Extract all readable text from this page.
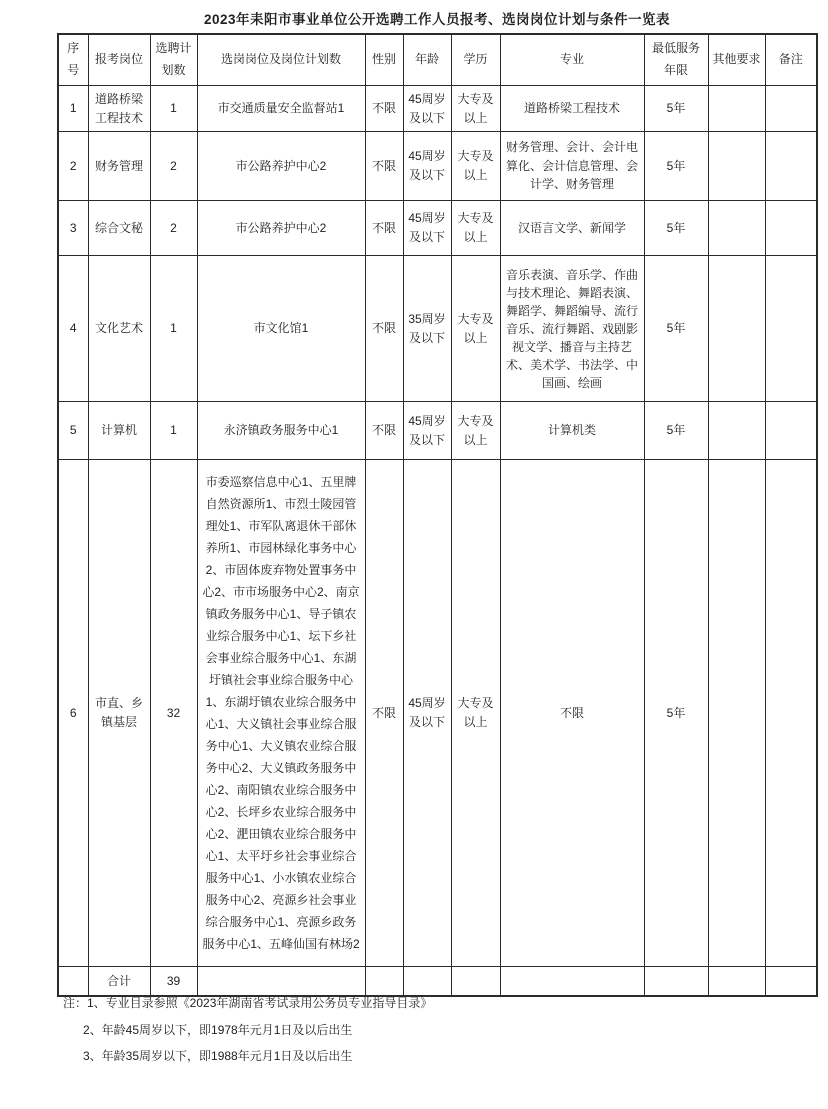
2023年耒阳市事业单位公开选聘工作人员报考、选岗岗位计划与条件一览表
序号	报考岗位	选聘计划数	选岗岗位及岗位计划数	性别	年龄	学历	专业	最低服务年限	其他要求	备注
1	道路桥梁工程技术	1	市交通质量安全监督站1	不限	45周岁及以下	大专及以上	道路桥梁工程技术	5年		
2	财务管理	2	市公路养护中心2	不限	45周岁及以下	大专及以上	财务管理、会计、会计电算化、会计信息管理、会计学、财务管理	5年		
3	综合文秘	2	市公路养护中心2	不限	45周岁及以下	大专及以上	汉语言文学、新闻学	5年		
4	文化艺术	1	市文化馆1	不限	35周岁及以下	大专及以上	音乐表演、音乐学、作曲与技术理论、舞蹈表演、舞蹈学、舞蹈编导、流行音乐、流行舞蹈、戏剧影视文学、播音与主持艺术、美术学、书法学、中国画、绘画	5年		
5	计算机	1	永济镇政务服务中心1	不限	45周岁及以下	大专及以上	计算机类	5年		
6	市直、乡镇基层	32	市委巡察信息中心1、五里牌自然资源所1、市烈士陵园管理处1、市军队离退休干部休养所1、市园林绿化事务中心2、市固体废弃物处置事务中心2、市市场服务中心2、南京镇政务服务中心1、导子镇农业综合服务中心1、坛下乡社会事业综合服务中心1、东湖圩镇社会事业综合服务中心1、东湖圩镇农业综合服务中心1、大义镇社会事业综合服务中心1、大义镇农业综合服务中心2、大义镇政务服务中心2、南阳镇农业综合服务中心2、长坪乡农业综合服务中心2、淝田镇农业综合服务中心1、太平圩乡社会事业综合服务中心1、小水镇农业综合服务中心2、亮源乡社会事业综合服务中心1、亮源乡政务服务中心1、五峰仙国有林场2	不限	45周岁及以下	大专及以上	不限	5年		
	合计	39								

注：1、专业目录参照《2023年湖南省考试录用公务员专业指导目录》

2、年龄45周岁以下，即1978年元月1日及以后出生

3、年龄35周岁以下，即1988年元月1日及以后出生
